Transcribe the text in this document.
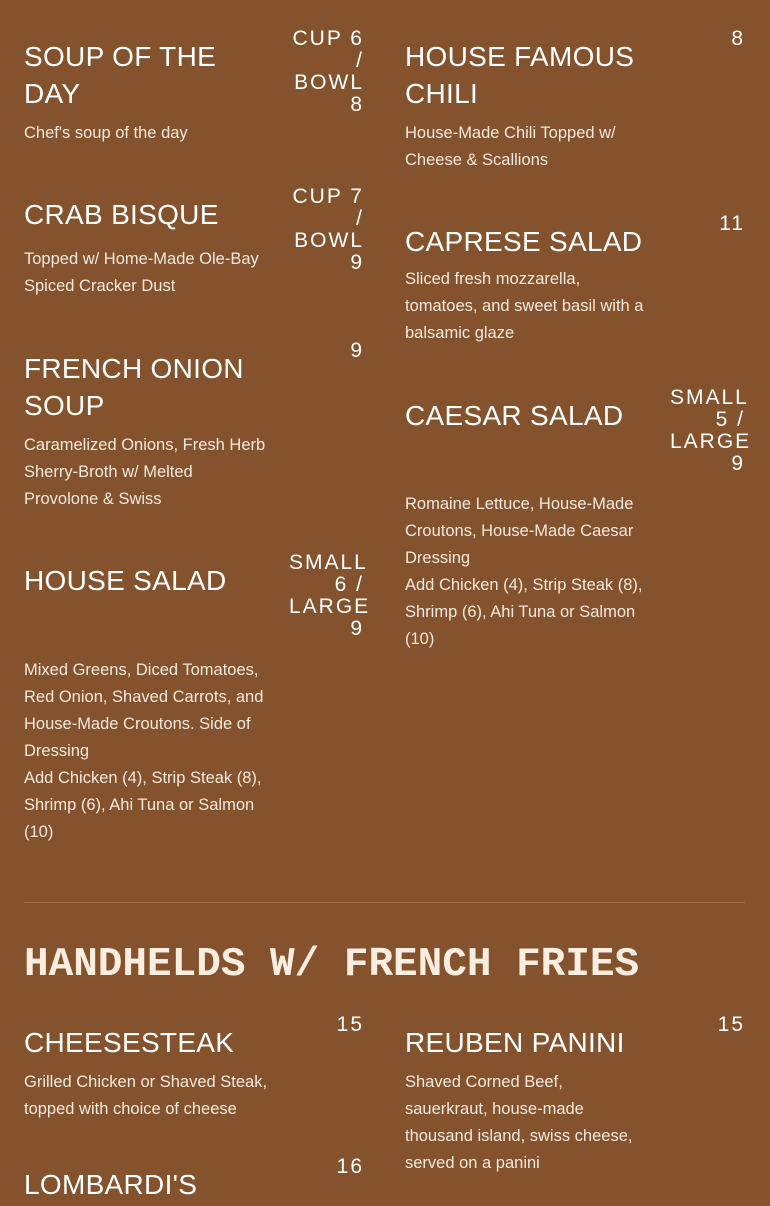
SOUP OF THE DAY
CUP 6 / BOWL 8
Chef's soup of the day
CRAB BISQUE
CUP 7 / BOWL 9
Topped w/ Home-Made Ole-Bay Spiced Cracker Dust
FRENCH ONION SOUP
9
Caramelized Onions, Fresh Herb Sherry-Broth w/ Melted Provolone & Swiss
HOUSE SALAD
SMALL 6 / LARGE 9
Mixed Greens, Diced Tomatoes, Red Onion, Shaved Carrots, and House-Made Croutons. Side of Dressing
Add Chicken (4), Strip Steak (8), Shrimp (6), Ahi Tuna or Salmon (10)
HOUSE FAMOUS CHILI
8
House-Made Chili Topped w/ Cheese & Scallions
CAPRESE SALAD
11
Sliced fresh mozzarella, tomatoes, and sweet basil with a balsamic glaze
CAESAR SALAD
SMALL 5 / LARGE 9
Romaine Lettuce, House-Made Croutons, House-Made Caesar Dressing
Add Chicken (4), Strip Steak (8), Shrimp (6), Ahi Tuna or Salmon (10)
HANDHELDS W/ FRENCH FRIES
CHEESESTEAK
15
Grilled Chicken or Shaved Steak, topped with choice of cheese
LOMBARDI'S
16
REUBEN PANINI
15
Shaved Corned Beef, sauerkraut, house-made thousand island, swiss cheese, served on a panini
